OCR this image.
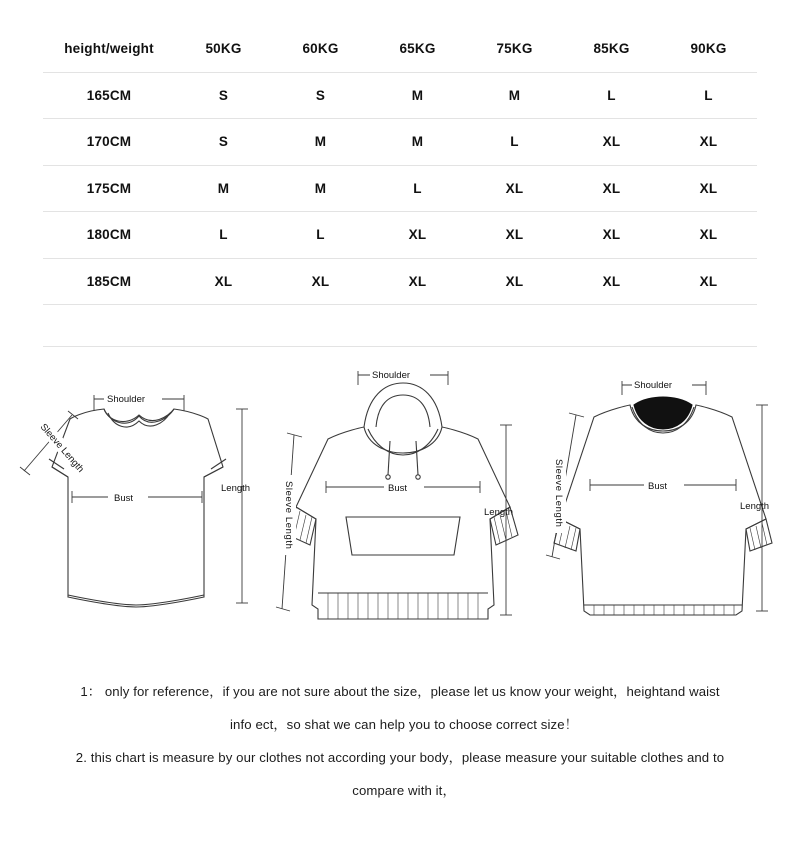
height/weight	50KG	60KG	65KG	75KG	85KG	90KG
165CM	S	S	M	M	L	L
170CM	S	M	M	L	XL	XL
175CM	M	M	L	XL	XL	XL
180CM	L	L	XL	XL	XL	XL
185CM	XL	XL	XL	XL	XL	XL
Shoulder
Bust
Length
Sleeve Length
Shoulder
Bust
Length
Sleeve Length
Shoulder
Bust
Length
Sleeve Length
1： only for reference，if you are not sure about the size，please let us know your weight，heightand waist
info ect，so shat we can help you to choose correct size！
2. this chart is measure by our clothes not according your body，please measure your suitable clothes and to
compare with it，
